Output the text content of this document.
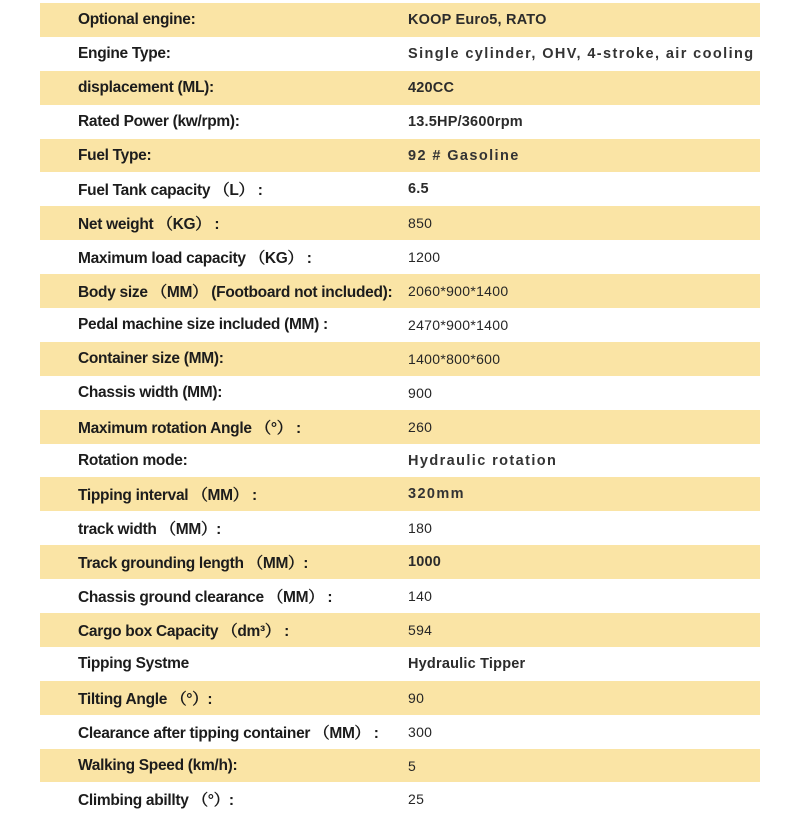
Optional engine:	KOOP Euro5, RATO
Engine Type:	Single cylinder, OHV, 4-stroke, air cooling
displacement (ML):	420CC
Rated Power (kw/rpm):	13.5HP/3600rpm
Fuel Type:	92 # Gasoline
Fuel Tank capacity （L） :	6.5
Net weight （KG） :	850
Maximum load capacity （KG） :	1200
Body size （MM） (Footboard not included): 2060*900*1400
Pedal machine size included (MM) :	2470*900*1400
Container size (MM):	1400*800*600
Chassis width (MM):	900
Maximum rotation Angle （°） :	260
Rotation mode:	Hydraulic rotation
Tipping interval （MM） :	320mm
track width （MM）:	180
Track grounding length （MM）:	1000
Chassis ground clearance （MM） :	140
Cargo box Capacity （dm³） :	594
Tipping Systme	Hydraulic Tipper
Tilting Angle （°）:	90
Clearance after tipping container （MM） : 300
Walking Speed (km/h):	5
Climbing abillty （°）:	25
